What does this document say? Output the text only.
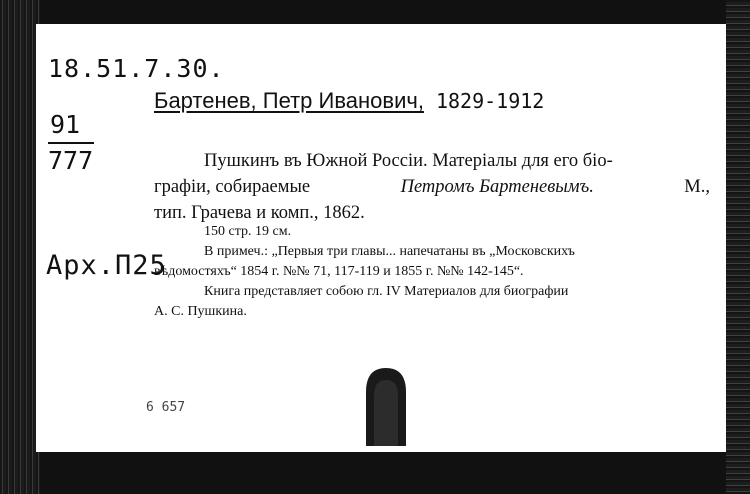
18.51.7.30.
91
777
Арх.П25
6 657
Бартенев, Петр Иванович, 1829-1912
Пушкинъ въ Южной Россіи. Матеріалы для его біо-
графіи, собираемые	Петромъ Бартеневымъ.	М.,
тип. Грачева и комп., 1862.
150 стр. 19 см.
В примеч.: „Первыя три главы... напечатаны въ „Московскихъ
вѣдомостяхъ“ 1854 г. №№ 71, 117-119 и 1855 г. №№ 142-145“.
Книга представляет собою гл. IV Материалов для биографии
А. С. Пушкина.
